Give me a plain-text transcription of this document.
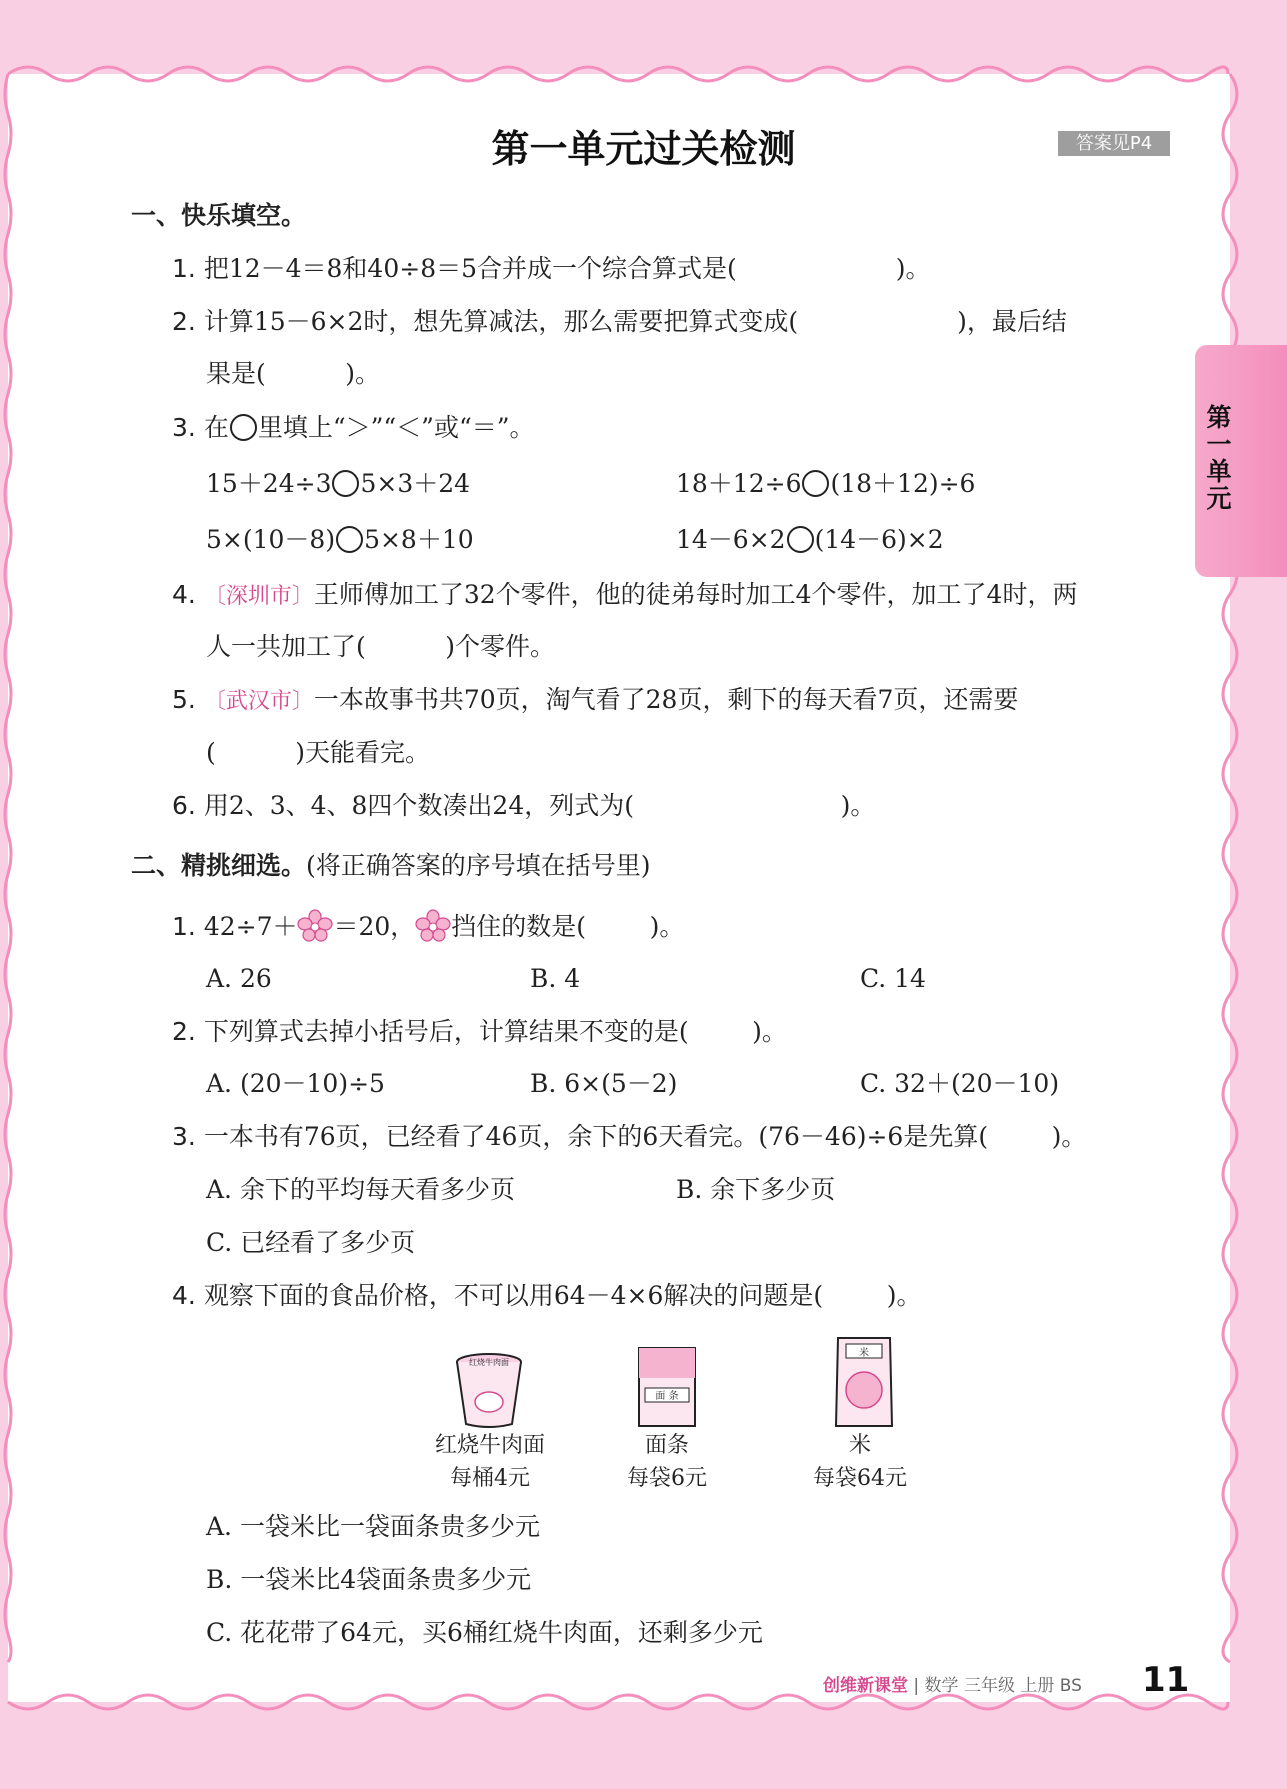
第一单元
第一单元过关检测	答案见P4
一、快乐填空。
1. 把12－4＝8和40÷8＝5合并成一个综合算式是(                    )。
2. 计算15－6×2时，想先算减法，那么需要把算式变成(                    )，最后结
果是(          )。
3. 在 里填上“＞”“＜”或“＝”。
15＋24÷3 5×3＋24	18＋12÷6 (18＋12)÷6
5×(10－8) 5×8＋10	14－6×2 (14－6)×2
4. 〔深圳市〕王师傅加工了32个零件，他的徒弟每时加工4个零件，加工了4时，两
人一共加工了(          )个零件。
5. 〔武汉市〕一本故事书共70页，淘气看了28页，剩下的每天看7页，还需要
(          )天能看完。
6. 用2、3、4、8四个数凑出24，列式为(                          )。
二、精挑细选。(将正确答案的序号填在括号里)
1. 42÷7＋ ＝20， 挡住的数是(        )。
A. 26	B. 4	C. 14
2. 下列算式去掉小括号后，计算结果不变的是(        )。
A. (20－10)÷5	B. 6×(5－2)	C. 32＋(20－10)
3. 一本书有76页，已经看了46页，余下的6天看完。(76－46)÷6是先算(        )。
A. 余下的平均每天看多少页	B. 余下多少页
C. 已经看了多少页
4. 观察下面的食品价格，不可以用64－4×6解决的问题是(        )。
红烧牛肉面
面 条
米
红烧牛肉面
每桶4元
面条
每袋6元
米
每袋64元
A. 一袋米比一袋面条贵多少元
B. 一袋米比4袋面条贵多少元
C. 花花带了64元，买6桶红烧牛肉面，还剩多少元
创维新课堂 | 数学 三年级 上册 BS 11
